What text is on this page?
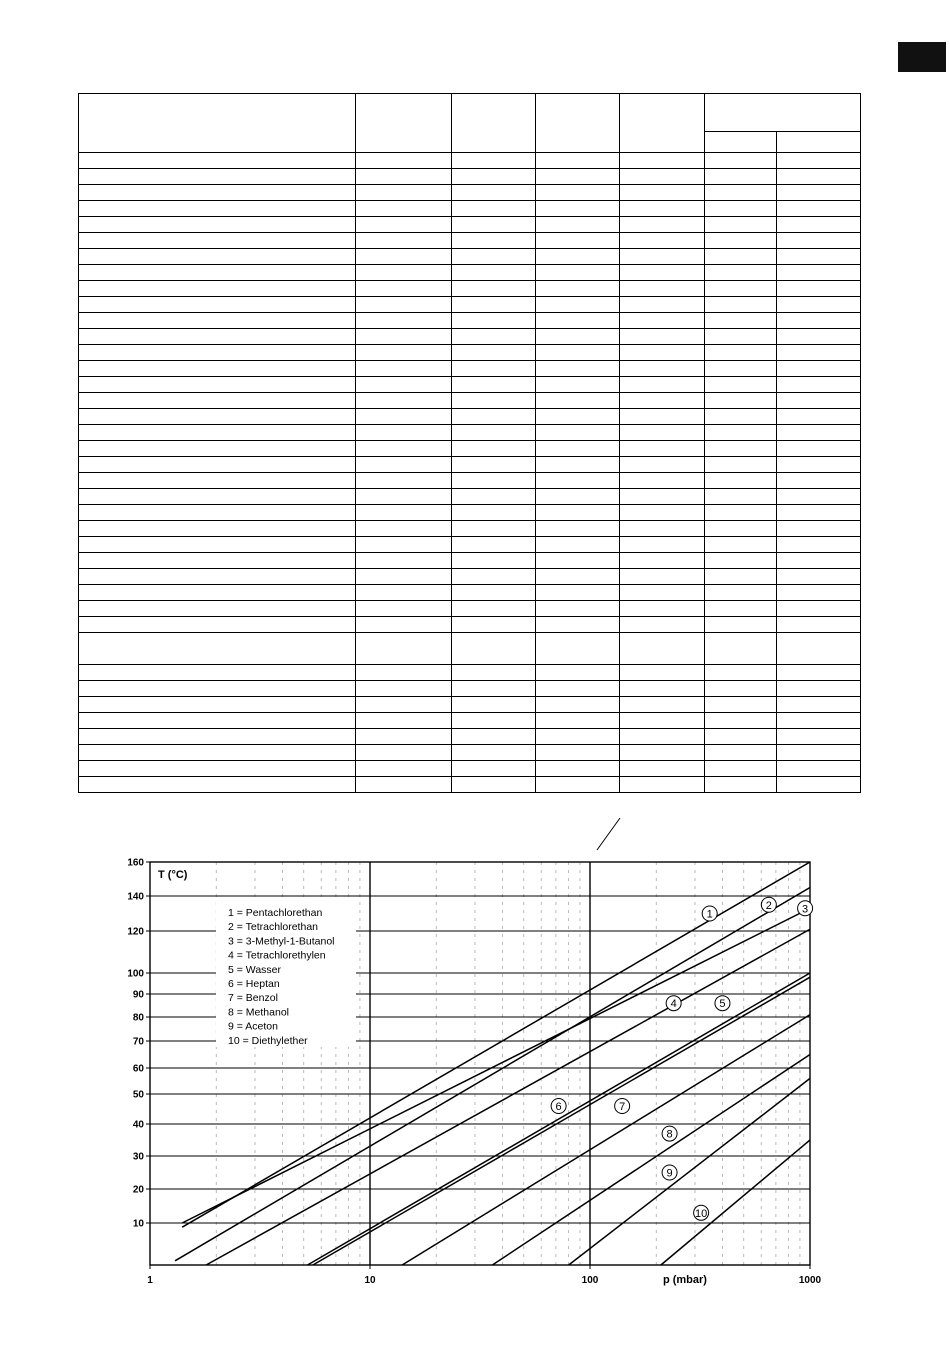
10
20
30
40
50
60
70
80
90
100
120
140
160
1	10	100	1000
T (°C)
p (mbar)
1 = Pentachlorethan
2 = Tetrachlorethan
3 = 3-Methyl-1-Butanol
4 = Tetrachlorethylen
5 = Wasser
6 = Heptan
7 = Benzol
8 = Methanol
9 = Aceton
10 = Diethylether
1
2	3
4	5
6	7
8
9
10
